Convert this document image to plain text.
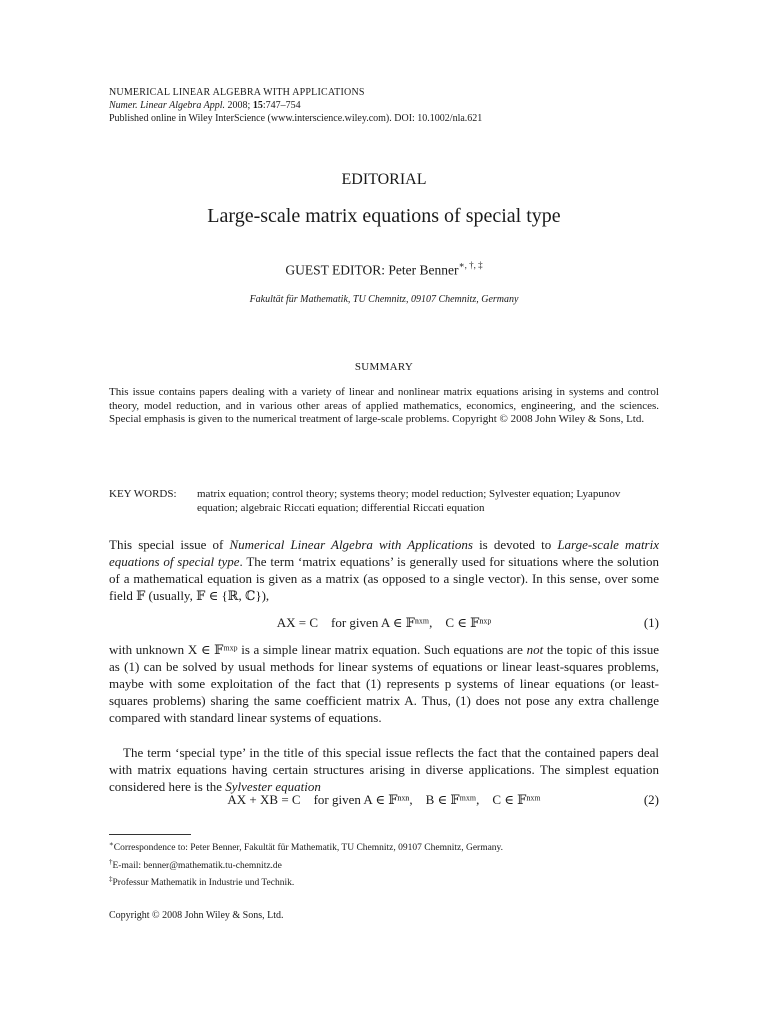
NUMERICAL LINEAR ALGEBRA WITH APPLICATIONS
Numer. Linear Algebra Appl. 2008; 15:747–754
Published online in Wiley InterScience (www.interscience.wiley.com). DOI: 10.1002/nla.621
EDITORIAL
Large-scale matrix equations of special type
GUEST EDITOR: Peter Benner∗, †, ‡
Fakultät für Mathematik, TU Chemnitz, 09107 Chemnitz, Germany
SUMMARY
This issue contains papers dealing with a variety of linear and nonlinear matrix equations arising in systems and control theory, model reduction, and in various other areas of applied mathematics, economics, engineering, and the sciences. Special emphasis is given to the numerical treatment of large-scale problems. Copyright © 2008 John Wiley & Sons, Ltd.
KEY WORDS: matrix equation; control theory; systems theory; model reduction; Sylvester equation; Lyapunov equation; algebraic Riccati equation; differential Riccati equation
This special issue of Numerical Linear Algebra with Applications is devoted to Large-scale matrix equations of special type. The term ‘matrix equations’ is generally used for situations where the solution of a mathematical equation is given as a matrix (as opposed to a single vector). In this sense, over some field 𝔽 (usually, 𝔽 ∈ {ℝ, ℂ}),
AX = C    for given A ∈ 𝔽ⁿˣᵐ,    C ∈ 𝔽ⁿˣᵖ	(1)
with unknown X ∈ 𝔽ᵐˣᵖ is a simple linear matrix equation. Such equations are not the topic of this issue as (1) can be solved by usual methods for linear systems of equations or linear least-squares problems, maybe with some exploitation of the fact that (1) represents p systems of linear equations (or least-squares problems) sharing the same coefficient matrix A. Thus, (1) does not pose any extra challenge compared with standard linear systems of equations.
The term ‘special type’ in the title of this special issue reflects the fact that the contained papers deal with matrix equations having certain structures arising in diverse applications. The simplest equation considered here is the Sylvester equation
AX + XB = C    for given A ∈ 𝔽ⁿˣⁿ,    B ∈ 𝔽ᵐˣᵐ,    C ∈ 𝔽ⁿˣᵐ	(2)
∗Correspondence to: Peter Benner, Fakultät für Mathematik, TU Chemnitz, 09107 Chemnitz, Germany.
†E-mail: benner@mathematik.tu-chemnitz.de
‡Professur Mathematik in Industrie und Technik.
Copyright © 2008 John Wiley & Sons, Ltd.
